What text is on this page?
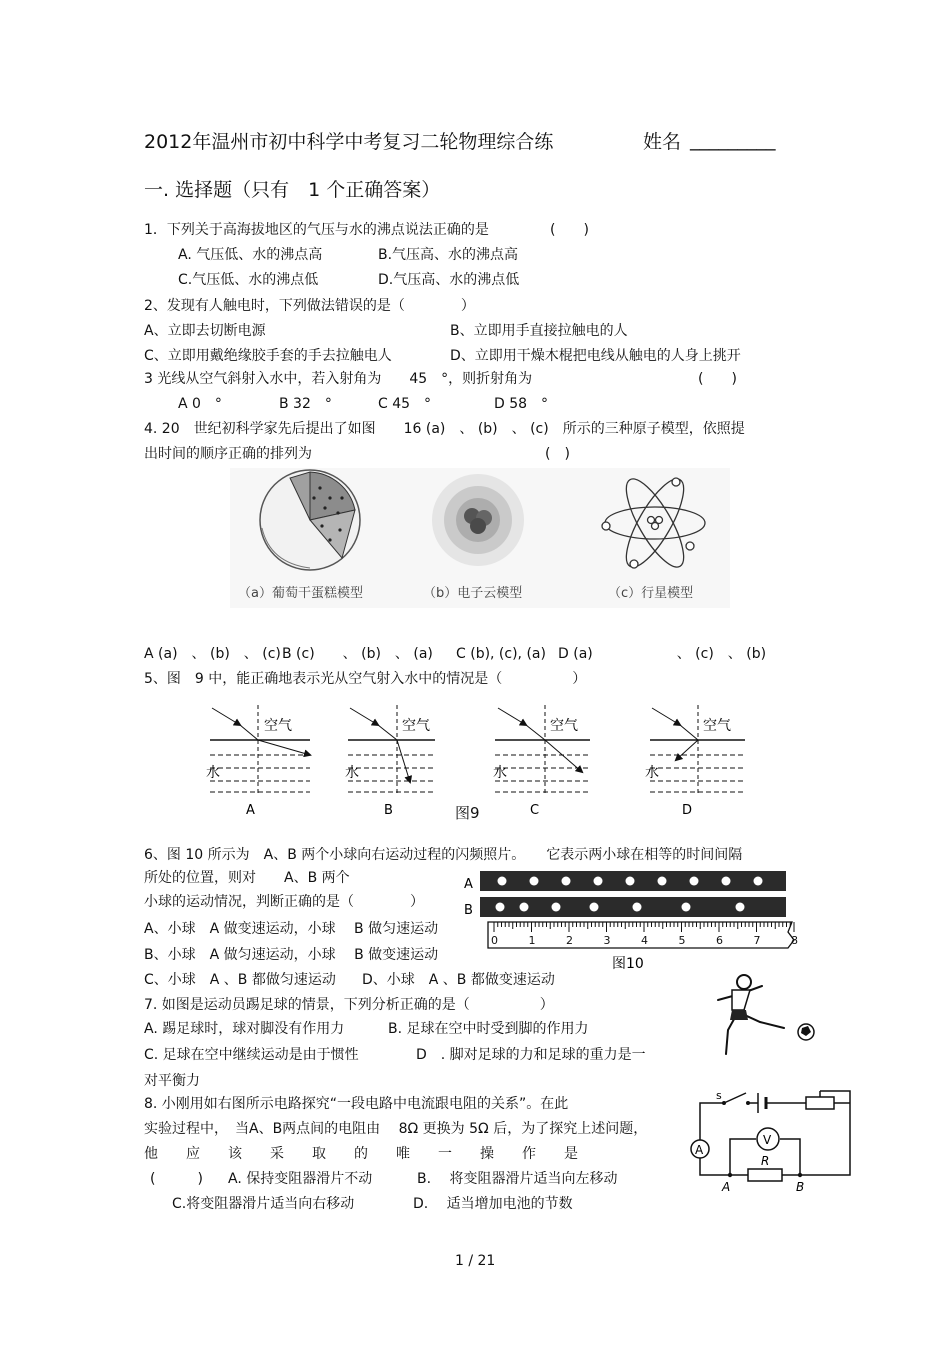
2012年温州市初中科学中考复习二轮物理综合练	姓名 _________
一. 选择题（只有　1 个正确答案）
1．下列关于高海拔地区的气压与水的沸点说法正确的是	(　　)
A. 气压低、水的沸点高	B.气压高、水的沸点高
C.气压低、水的沸点低	D.气压高、水的沸点低
2、发现有人触电时，下列做法错误的是（　　　　）
A、立即去切断电源	B、立即用手直接拉触电的人
C、立即用戴绝缘胶手套的手去拉触电人	D、立即用干燥木棍把电线从触电的人身上挑开
3 光线从空气斜射入水中，若入射角为　　45　°，则折射角为	(　　)
A 0　°	B 32　°	C 45　°	D 58　°
4. 20　世纪初科学家先后提出了如图　　16 (a)　、 (b)　、 (c)　所示的三种原子模型，依照提
出时间的顺序正确的排列为	(　)
（a）葡萄干蛋糕模型	（b）电子云模型	（c）行星模型
A (a)　、 (b)　、 (c) B (c)　　、 (b)　、 (a) C (b), (c), (a) D (a)　　　　　　、 (c)　、 (b)
5、图　9 中，能正确地表示光从空气射入水中的情况是（　　　　　）
空气
水
A
空气
水
B
空气
水
C
空气
水
D
图9
6、图 10 所示为　A、B 两个小球向右运动过程的闪频照片。　　它表示两小球在相等的时间间隔
所处的位置，则对　　A、B 两个
小球的运动情况，判断正确的是（　　　　）
A、小球　A 做变速运动，小球　 B 做匀速运动
B、小球　A 做匀速运动，小球　 B 做变速运动
C、小球　A 、B 都做匀速运动 D、小球　A 、B 都做变速运动
A
B
0	1	2	3	4	5	6	7	8
图10
7. 如图是运动员踢足球的情景，下列分析正确的是（　　　　　）
A. 踢足球时，球对脚没有作用力	B. 足球在空中时受到脚的作用力
C. 足球在空中继续运动是由于惯性	D　. 脚对足球的力和足球的重力是一
对平衡力
8. 小刚用如右图所示电路探究“一段电路中电流跟电阻的关系”。在此
实验过程中，　当A、B两点间的电阻由　 8Ω 更换为 5Ω 后，为了探究上述问题，
他　　应　　该　　采　　取　　的　　唯　　一　　操　　作　　是
(　　　) A. 保持变阻器滑片不动	B.　 将变阻器滑片适当向左移动
C.将变阻器滑片适当向右移动	D.　 适当增加电池的节数
A
V
s
R
A	B
1 / 21
